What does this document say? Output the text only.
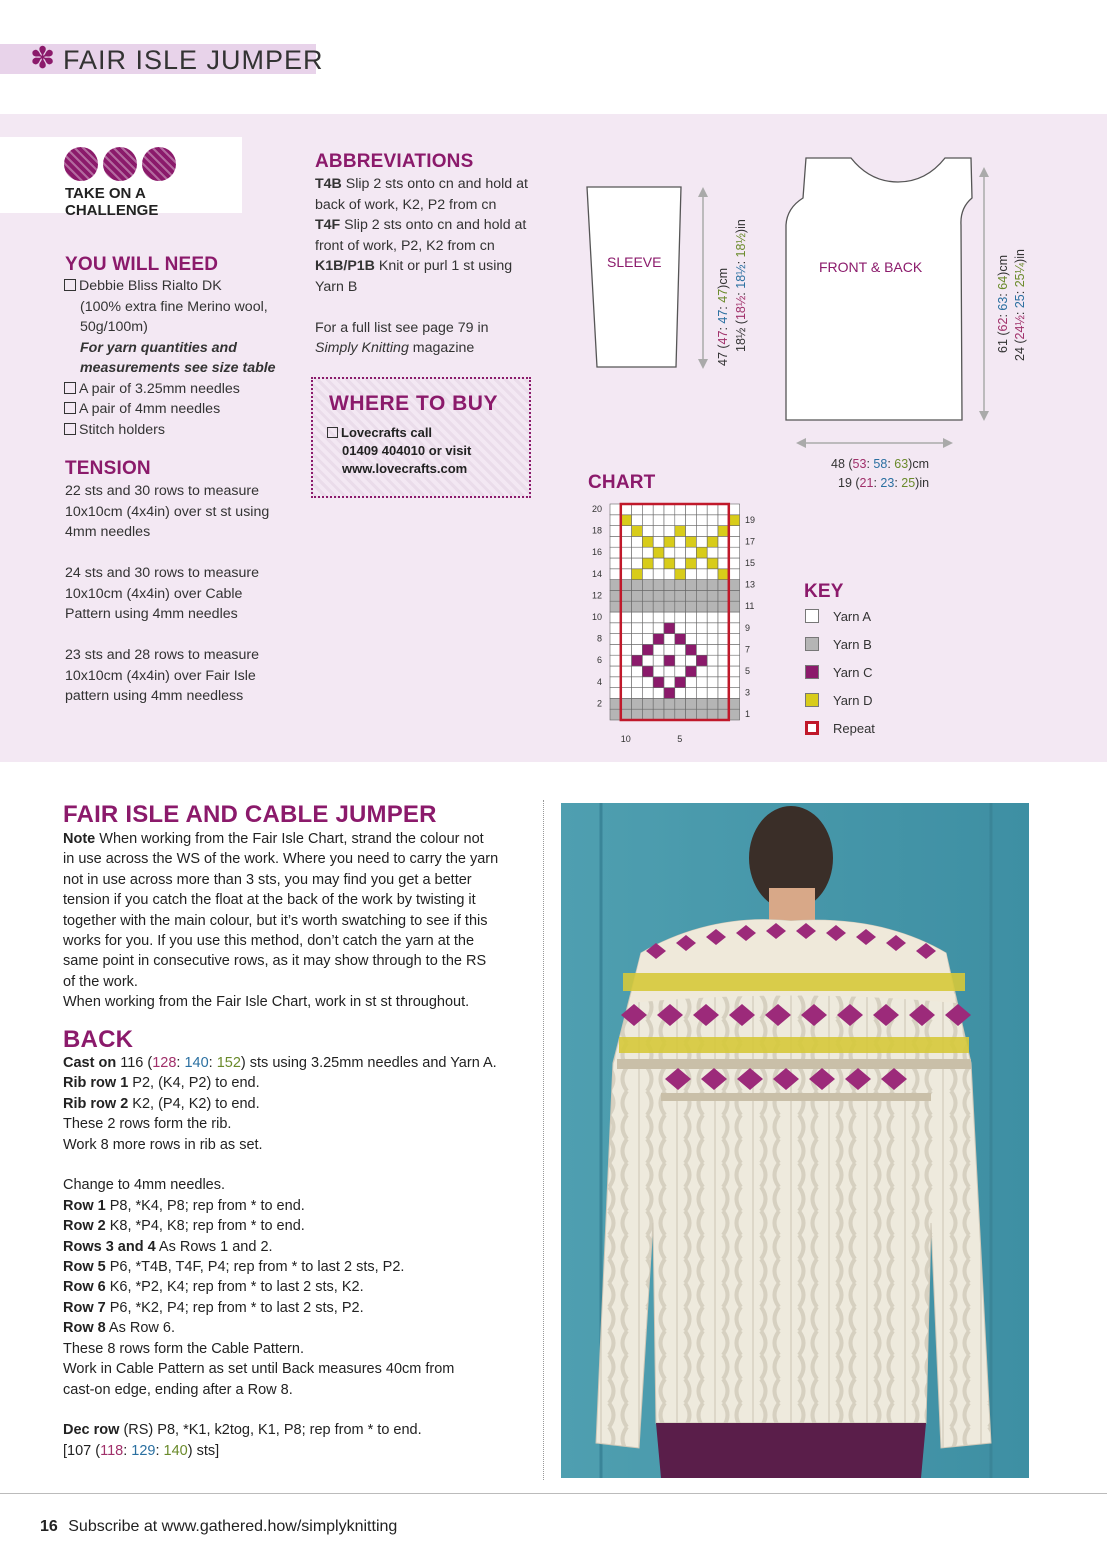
✽ FAIR ISLE JUMPER
TAKE ON A CHALLENGE
YOU WILL NEED
Debbie Bliss Rialto DK
(100% extra fine Merino wool,
50g/100m)
For yarn quantities and
measurements see size table
A pair of 3.25mm needles
A pair of 4mm needles
Stitch holders
TENSION
22 sts and 30 rows to measure
10x10cm (4x4in) over st st using
4mm needles

24 sts and 30 rows to measure
10x10cm (4x4in) over Cable
Pattern using 4mm needles

23 sts and 28 rows to measure
10x10cm (4x4in) over Fair Isle
pattern using 4mm needless
ABBREVIATIONS
T4B Slip 2 sts onto cn and hold at
back of work, K2, P2 from cn
T4F Slip 2 sts onto cn and hold at
front of work, P2, K2 from cn
K1B/P1B Knit or purl 1 st using
Yarn B

For a full list see page 79 in
Simply Knitting magazine
WHERE TO BUY
Lovecrafts call
01409 404010 or visit
www.lovecrafts.com
SLEEVE	FRONT & BACK
47 (47: 47: 47)cm
18½ (18½: 18½: 18½)in
61 (62: 63: 64)cm
24 (24½: 25: 25¼)in
48 (53: 58: 63)cm
19 (21: 23: 25)in
CHART
20
18
16
14
12
10
8
6
4
2
19
17
15
13
11
9
7
5
3
1
10	5
KEY
Yarn A
Yarn B
Yarn C
Yarn D
Repeat
FAIR ISLE AND CABLE JUMPER
Note When working from the Fair Isle Chart, strand the colour not
in use across the WS of the work. Where you need to carry the yarn
not in use across more than 3 sts, you may find you get a better
tension if you catch the float at the back of the work by twisting it
together with the main colour, but it’s worth swatching to see if this
works for you. If you use this method, don’t catch the yarn at the
same point in consecutive rows, as it may show through to the RS
of the work.
When working from the Fair Isle Chart, work in st st throughout.
BACK
Cast on 116 (128: 140: 152) sts using 3.25mm needles and Yarn A.
Rib row 1 P2, (K4, P2) to end.
Rib row 2 K2, (P4, K2) to end.
These 2 rows form the rib.
Work 8 more rows in rib as set.

Change to 4mm needles.
Row 1 P8, *K4, P8; rep from * to end.
Row 2 K8, *P4, K8; rep from * to end.
Rows 3 and 4 As Rows 1 and 2.
Row 5 P6, *T4B, T4F, P4; rep from * to last 2 sts, P2.
Row 6 K6, *P2, K4; rep from * to last 2 sts, K2.
Row 7 P6, *K2, P4; rep from * to last 2 sts, P2.
Row 8 As Row 6.
These 8 rows form the Cable Pattern.
Work in Cable Pattern as set until Back measures 40cm from
cast-on edge, ending after a Row 8.

Dec row (RS) P8, *K1, k2tog, K1, P8; rep from * to end.
[107 (118: 129: 140) sts]
16 Subscribe at www.gathered.how/simplyknitting
